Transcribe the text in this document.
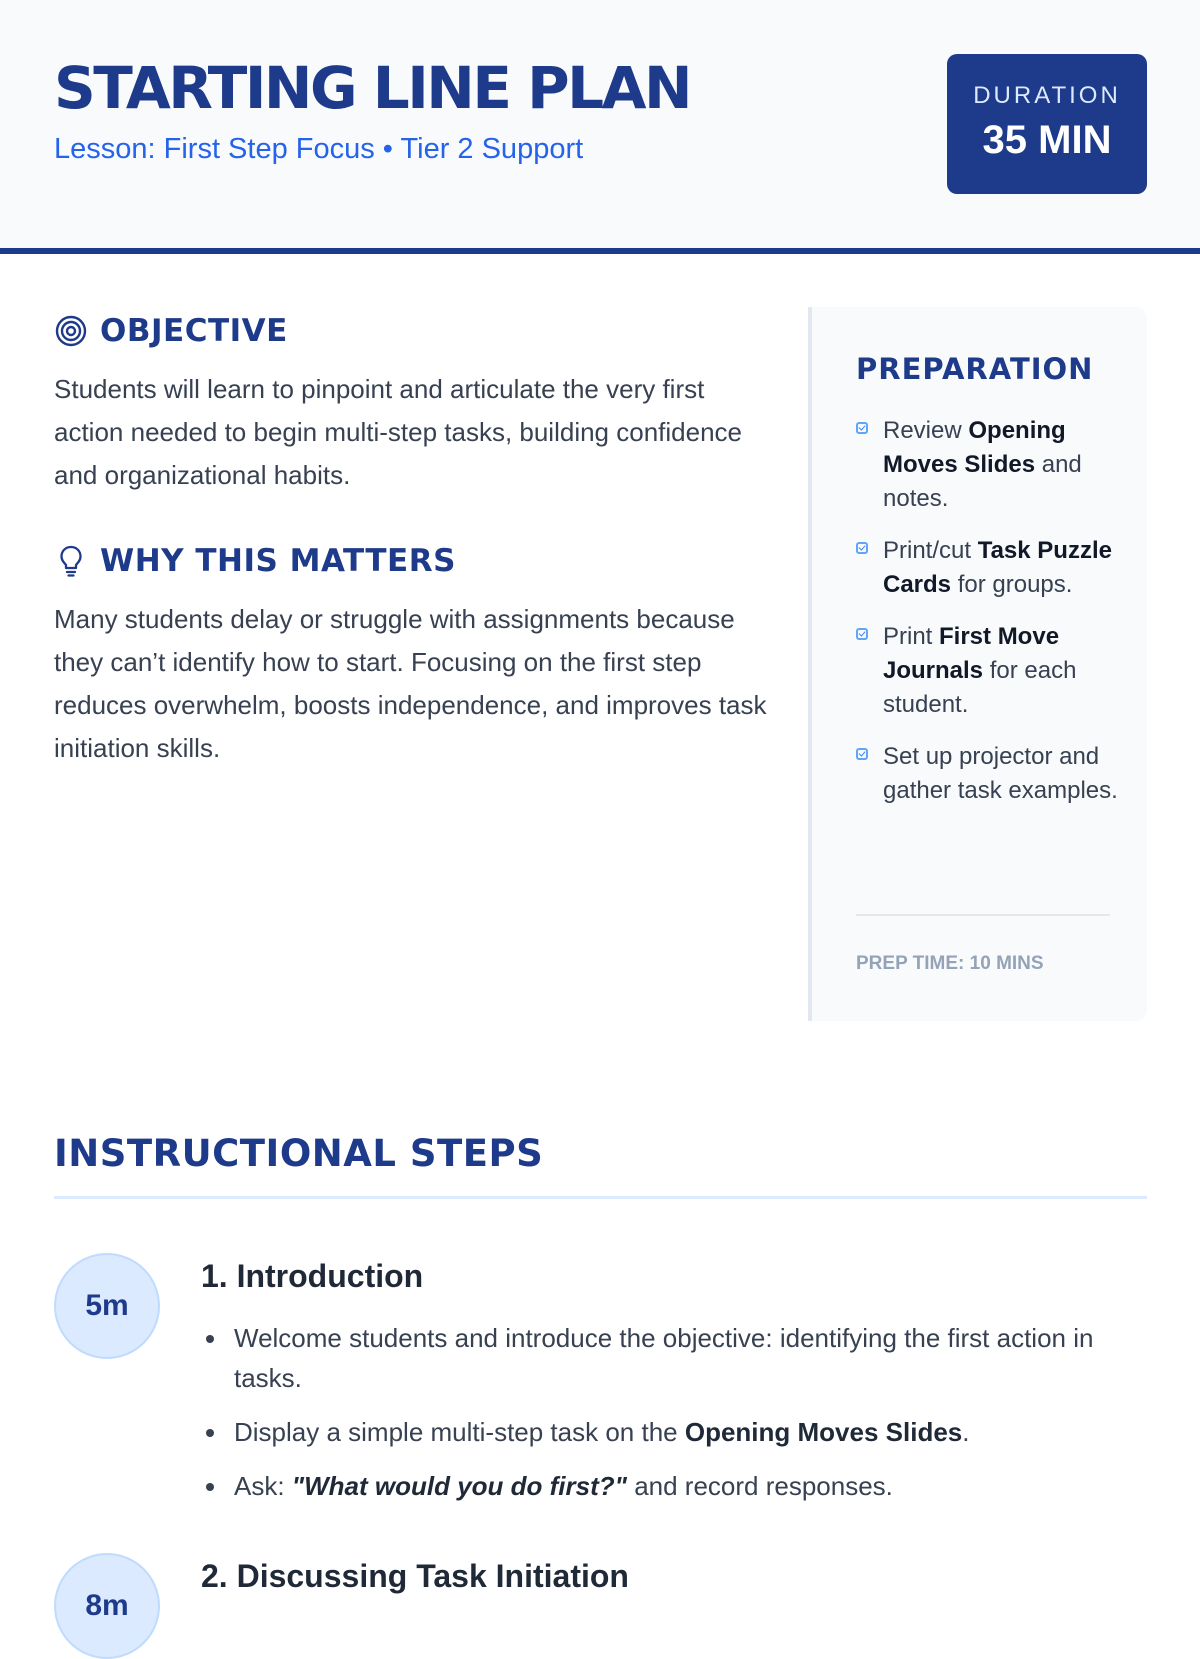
STARTING LINE PLAN
Lesson: First Step Focus • Tier 2 Support
DURATION
35 MIN
OBJECTIVE
Students will learn to pinpoint and articulate the very first action needed to begin multi-step tasks, building confidence and organizational habits.
WHY THIS MATTERS
Many students delay or struggle with assignments because they can’t identify how to start. Focusing on the first step reduces overwhelm, boosts independence, and improves task initiation skills.
PREPARATION
Review Opening Moves Slides and notes.
Print/cut Task Puzzle Cards for groups.
Print First Move Journals for each student.
Set up projector and gather task examples.
PREP TIME: 10 MINS
INSTRUCTIONAL STEPS
5m
1. Introduction
Welcome students and introduce the objective: identifying the first action in tasks.
Display a simple multi-step task on the Opening Moves Slides.
Ask: "What would you do first?" and record responses.
8m
2. Discussing Task Initiation
